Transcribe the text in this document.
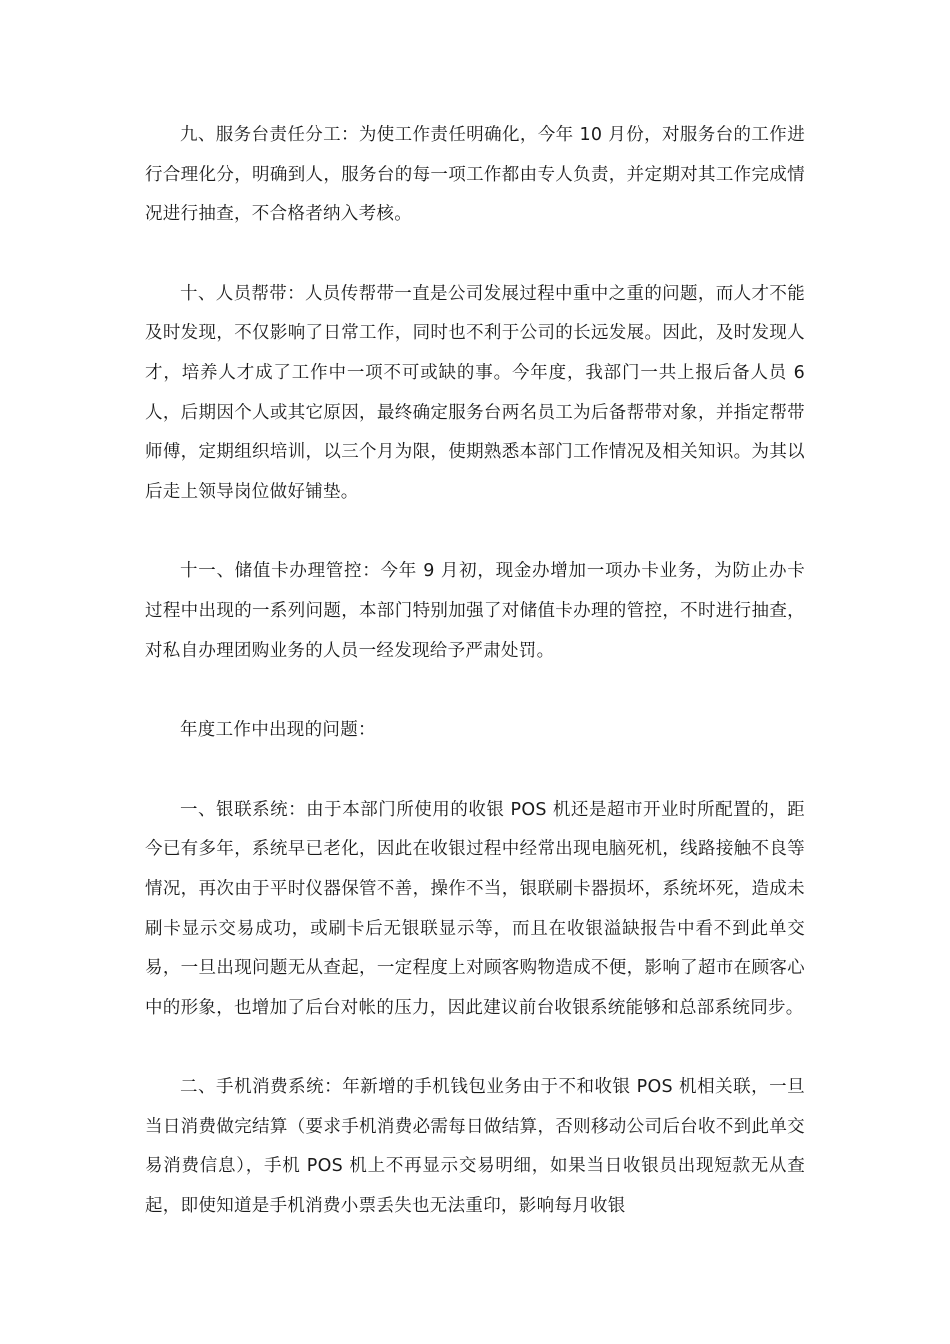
九、服务台责任分工：为使工作责任明确化，今年 10 月份，对服务台的工作进行合理化分，明确到人，服务台的每一项工作都由专人负责，并定期对其工作完成情况进行抽查，不合格者纳入考核。

十、人员帮带：人员传帮带一直是公司发展过程中重中之重的问题，而人才不能及时发现，不仅影响了日常工作，同时也不利于公司的长远发展。因此，及时发现人才，培养人才成了工作中一项不可或缺的事。今年度，我部门一共上报后备人员 6 人，后期因个人或其它原因，最终确定服务台两名员工为后备帮带对象，并指定帮带师傅，定期组织培训，以三个月为限，使期熟悉本部门工作情况及相关知识。为其以后走上领导岗位做好铺垫。

十一、储值卡办理管控：今年 9 月初，现金办增加一项办卡业务，为防止办卡过程中出现的一系列问题，本部门特别加强了对储值卡办理的管控，不时进行抽查，对私自办理团购业务的人员一经发现给予严肃处罚。

年度工作中出现的问题：

一、银联系统：由于本部门所使用的收银 POS 机还是超市开业时所配置的，距今已有多年，系统早已老化，因此在收银过程中经常出现电脑死机，线路接触不良等情况，再次由于平时仪器保管不善，操作不当，银联刷卡器损坏，系统坏死，造成未刷卡显示交易成功，或刷卡后无银联显示等，而且在收银溢缺报告中看不到此单交易，一旦出现问题无从查起，一定程度上对顾客购物造成不便，影响了超市在顾客心中的形象，也增加了后台对帐的压力，因此建议前台收银系统能够和总部系统同步。

二、手机消费系统：年新增的手机钱包业务由于不和收银 POS 机相关联，一旦当日消费做完结算（要求手机消费必需每日做结算，否则移动公司后台收不到此单交易消费信息），手机 POS 机上不再显示交易明细，如果当日收银员出现短款无从查起，即使知道是手机消费小票丢失也无法重印，影响每月收银
